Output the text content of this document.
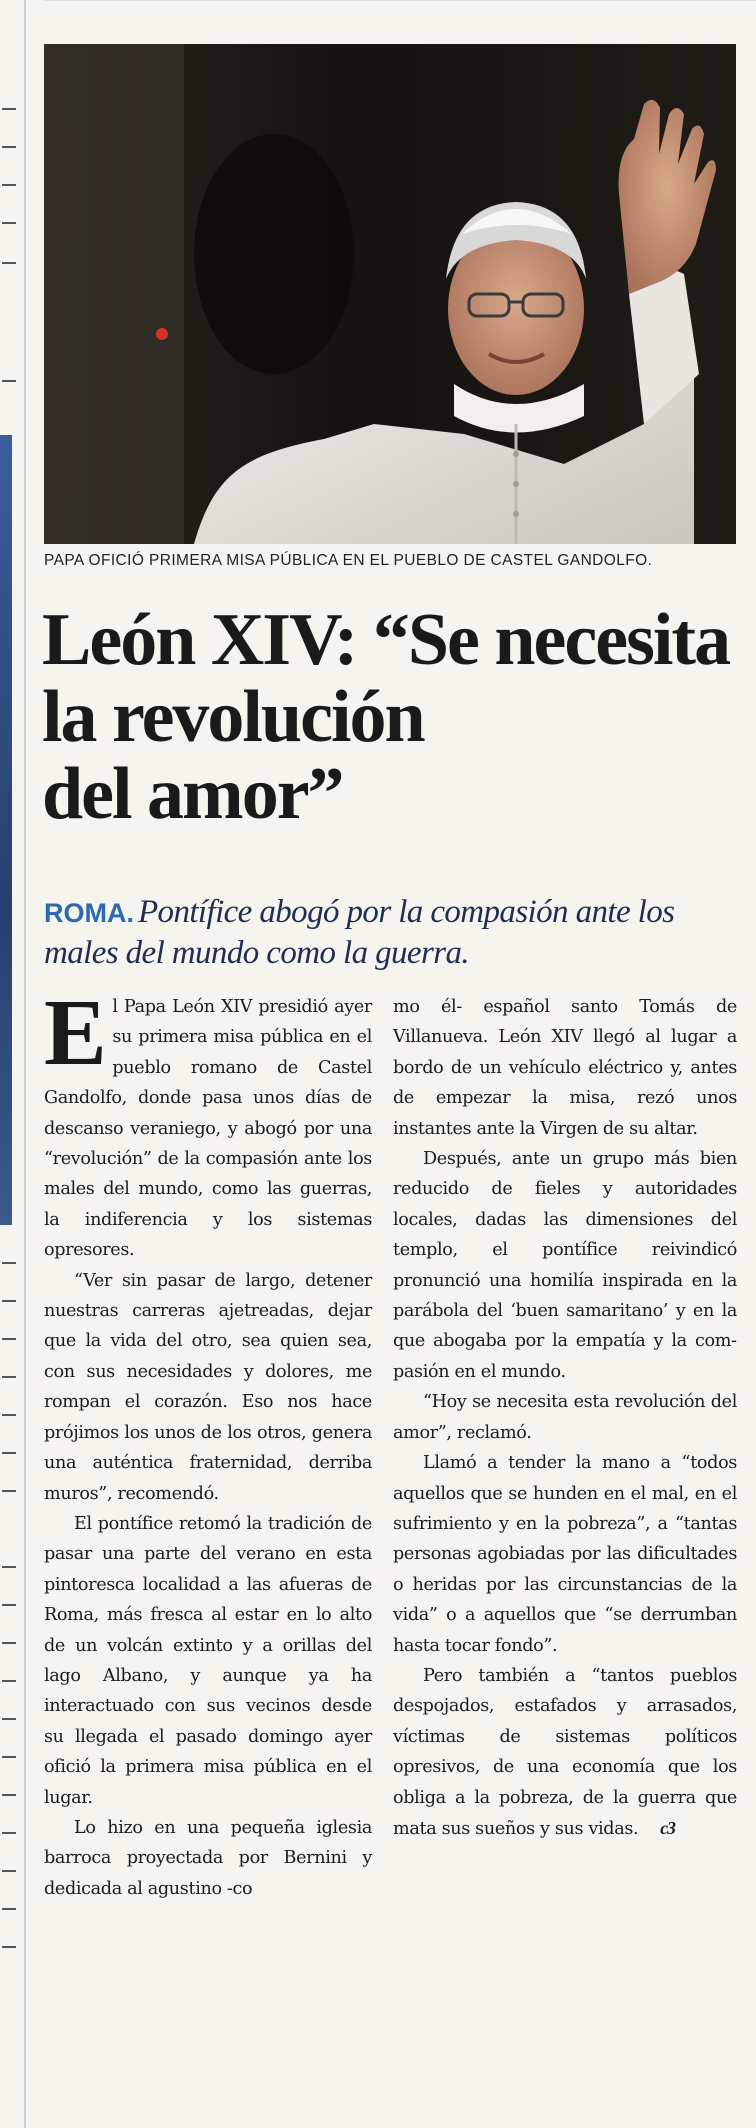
PAPA OFICIÓ PRIMERA MISA PÚBLICA EN EL PUEBLO DE CASTEL GANDOLFO.
León XIV: “Se necesita
la revolución
del amor”

ROMA. Pontífice abogó por la compasión ante los males del mundo como la guerra.

El Papa León XIV presidió ayer su primera misa pública en el pueblo romano de Castel Gandolfo, donde pasa unos días de descanso veraniego, y abogó por una “revolución” de la compasión ante los males del mundo, como las guerras, la indiferencia y los sistemas opresores.

“Ver sin pasar de largo, detener nuestras carreras ajetreadas, dejar que la vida del otro, sea quien sea, con sus necesidades y dolores, me rompan el corazón. Eso nos hace prójimos los unos de los otros, genera una auténtica fraternidad, derriba muros”, recomendó.

El pontífice retomó la tradición de pasar una parte del verano en esta pintoresca localidad a las afueras de Roma, más fresca al estar en lo alto de un volcán extinto y a orillas del lago Albano, y aunque ya ha interactuado con sus vecinos desde su llegada el pasado domingo ayer ofició la primera misa pública en el lugar.

Lo hizo en una pequeña iglesia barroca proyectada por Bernini y dedicada al agustino -co

mo él- español santo Tomás de Villanueva. León XIV llegó al lugar a bordo de un vehículo eléctrico y, antes de empezar la misa, rezó unos instantes ante la Virgen de su altar.

Después, ante un grupo más bien reducido de fieles y autoridades locales, dadas las dimensiones del templo, el pontífice reivindicó pronunció una homilía inspirada en la parábola del ‘buen samaritano’ y en la que abogaba por la empatía y la compasión en el mundo.

“Hoy se necesita esta revolución del amor”, reclamó.

Llamó a tender la mano a “todos aquellos que se hunden en el mal, en el sufrimiento y en la pobreza”, a “tantas personas agobiadas por las dificultades o heridas por las circunstancias de la vida” o a aquellos que “se derrumban hasta tocar fondo”.

Pero también a “tantos pueblos despojados, estafados y arrasados, víctimas de sistemas políticos opresivos, de una economía que los obliga a la pobreza, de la guerra que mata sus sueños y sus vidas. c3
